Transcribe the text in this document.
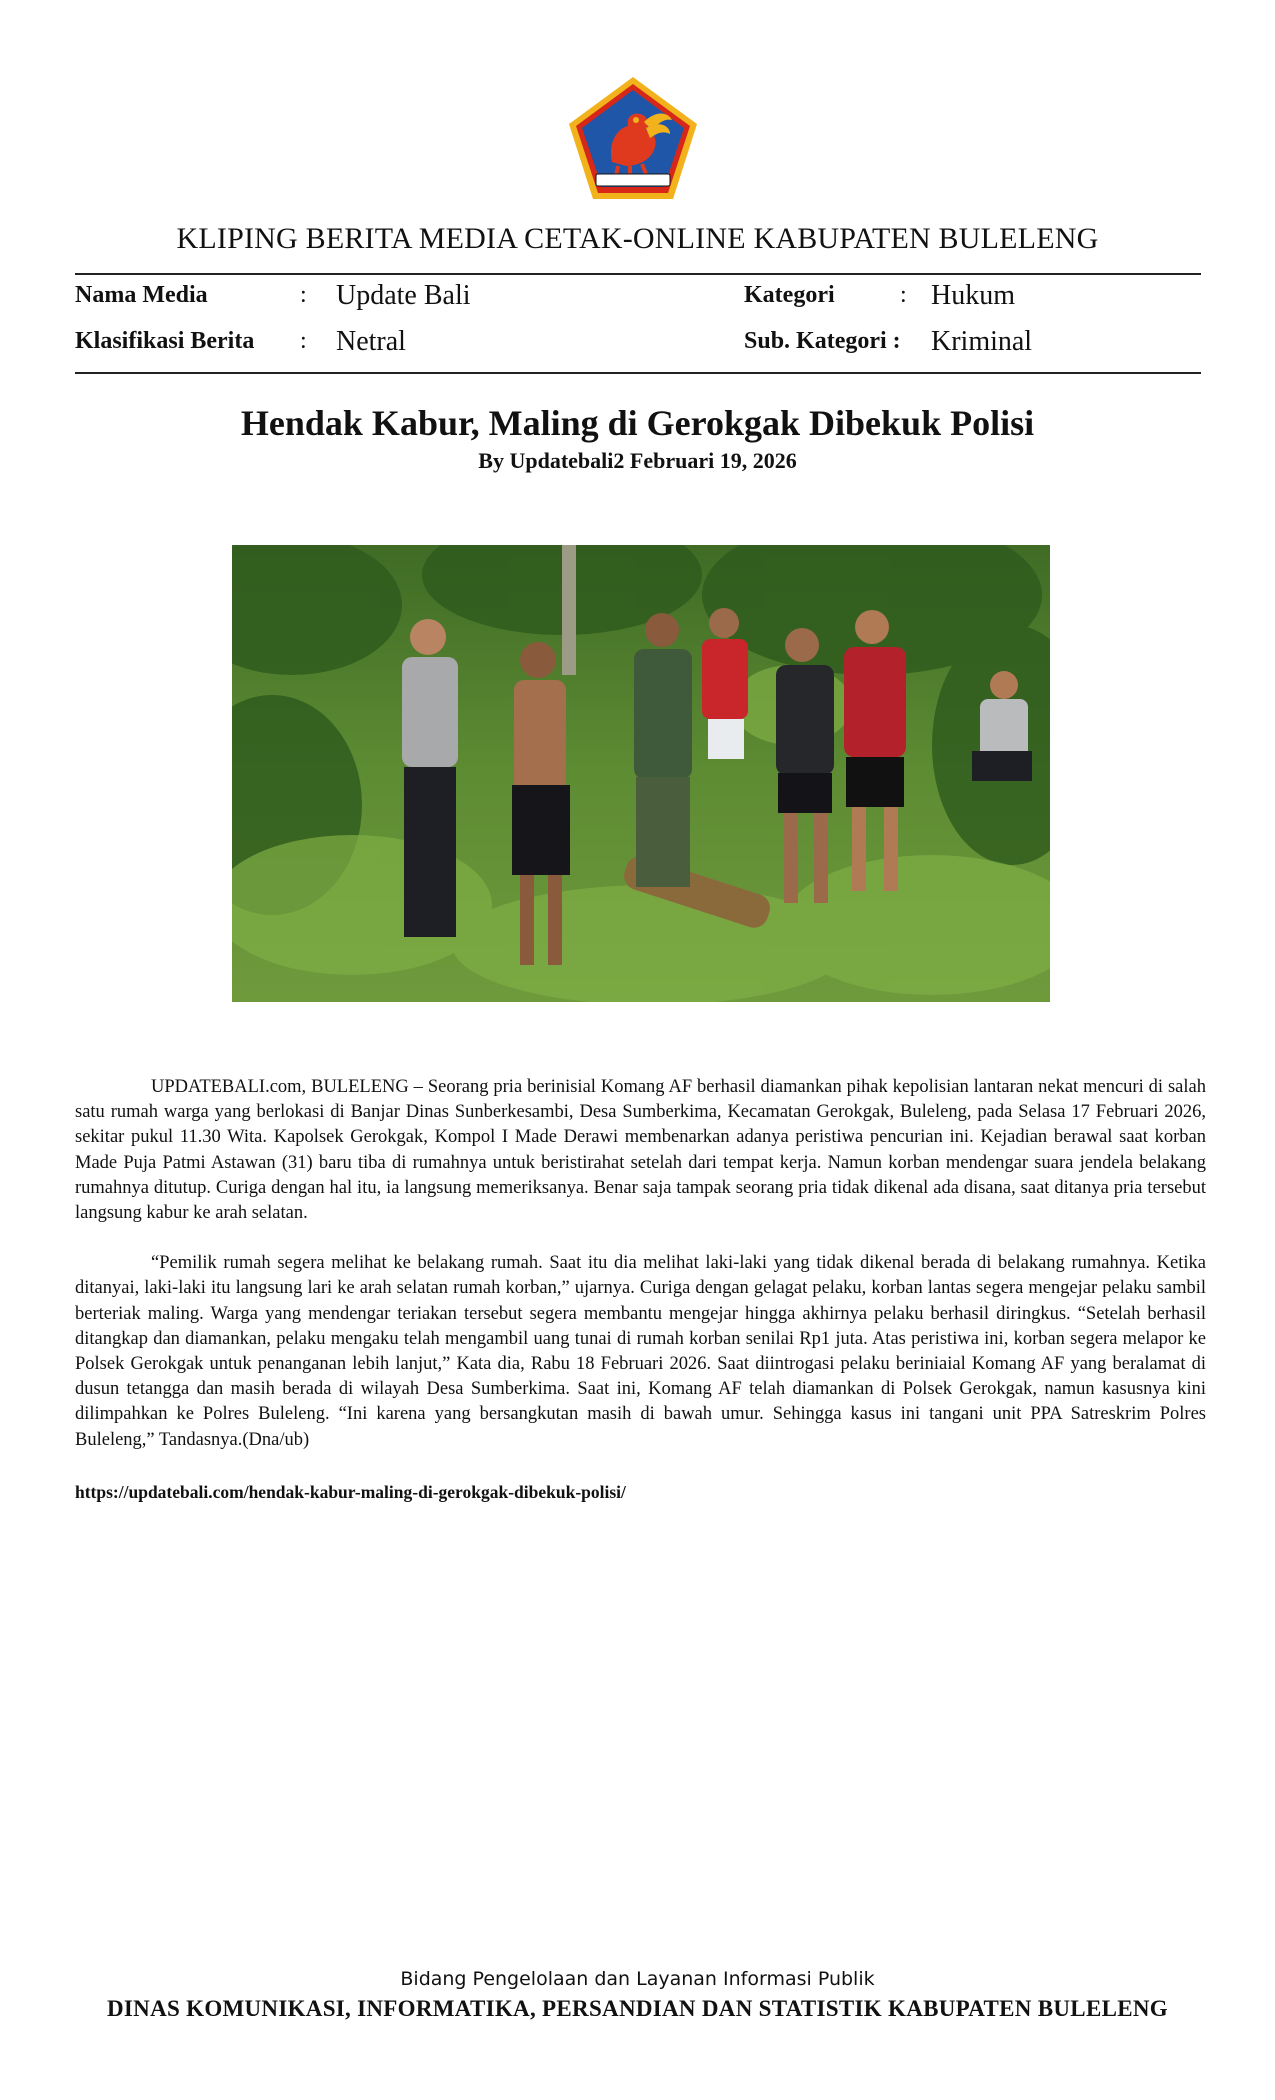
KLIPING BERITA MEDIA CETAK-ONLINE KABUPATEN BULELENG
Nama Media	: Update Bali	Kategori	: Hukum
Klasifikasi Berita : Netral	Sub. Kategori : Kriminal
Hendak Kabur, Maling di Gerokgak Dibekuk Polisi
By Updatebali2 Februari 19, 2026

UPDATEBALI.com, BULELENG – Seorang pria berinisial Komang AF berhasil diamankan pihak kepolisian lantaran nekat mencuri di salah satu rumah warga yang berlokasi di Banjar Dinas Sunberkesambi, Desa Sumberkima, Kecamatan Gerokgak, Buleleng, pada Selasa 17 Februari 2026, sekitar pukul 11.30 Wita. Kapolsek Gerokgak, Kompol I Made Derawi membenarkan adanya peristiwa pencurian ini. Kejadian berawal saat korban Made Puja Patmi Astawan (31) baru tiba di rumahnya untuk beristirahat setelah dari tempat kerja. Namun korban mendengar suara jendela belakang rumahnya ditutup. Curiga dengan hal itu, ia langsung memeriksanya. Benar saja tampak seorang pria tidak dikenal ada disana, saat ditanya pria tersebut langsung kabur ke arah selatan.

“Pemilik rumah segera melihat ke belakang rumah. Saat itu dia melihat laki-laki yang tidak dikenal berada di belakang rumahnya. Ketika ditanyai, laki-laki itu langsung lari ke arah selatan rumah korban,” ujarnya. Curiga dengan gelagat pelaku, korban lantas segera mengejar pelaku sambil berteriak maling. Warga yang mendengar teriakan tersebut segera membantu mengejar hingga akhirnya pelaku berhasil diringkus. “Setelah berhasil ditangkap dan diamankan, pelaku mengaku telah mengambil uang tunai di rumah korban senilai Rp1 juta. Atas peristiwa ini, korban segera melapor ke Polsek Gerokgak untuk penanganan lebih lanjut,” Kata dia, Rabu 18 Februari 2026. Saat diintrogasi pelaku beriniaial Komang AF yang beralamat di dusun tetangga dan masih berada di wilayah Desa Sumberkima. Saat ini, Komang AF telah diamankan di Polsek Gerokgak, namun kasusnya kini dilimpahkan ke Polres Buleleng. “Ini karena yang bersangkutan masih di bawah umur. Sehingga kasus ini tangani unit PPA Satreskrim Polres Buleleng,” Tandasnya.(Dna/ub)

https://updatebali.com/hendak-kabur-maling-di-gerokgak-dibekuk-polisi/
Bidang Pengelolaan dan Layanan Informasi Publik
DINAS KOMUNIKASI, INFORMATIKA, PERSANDIAN DAN STATISTIK KABUPATEN BULELENG
